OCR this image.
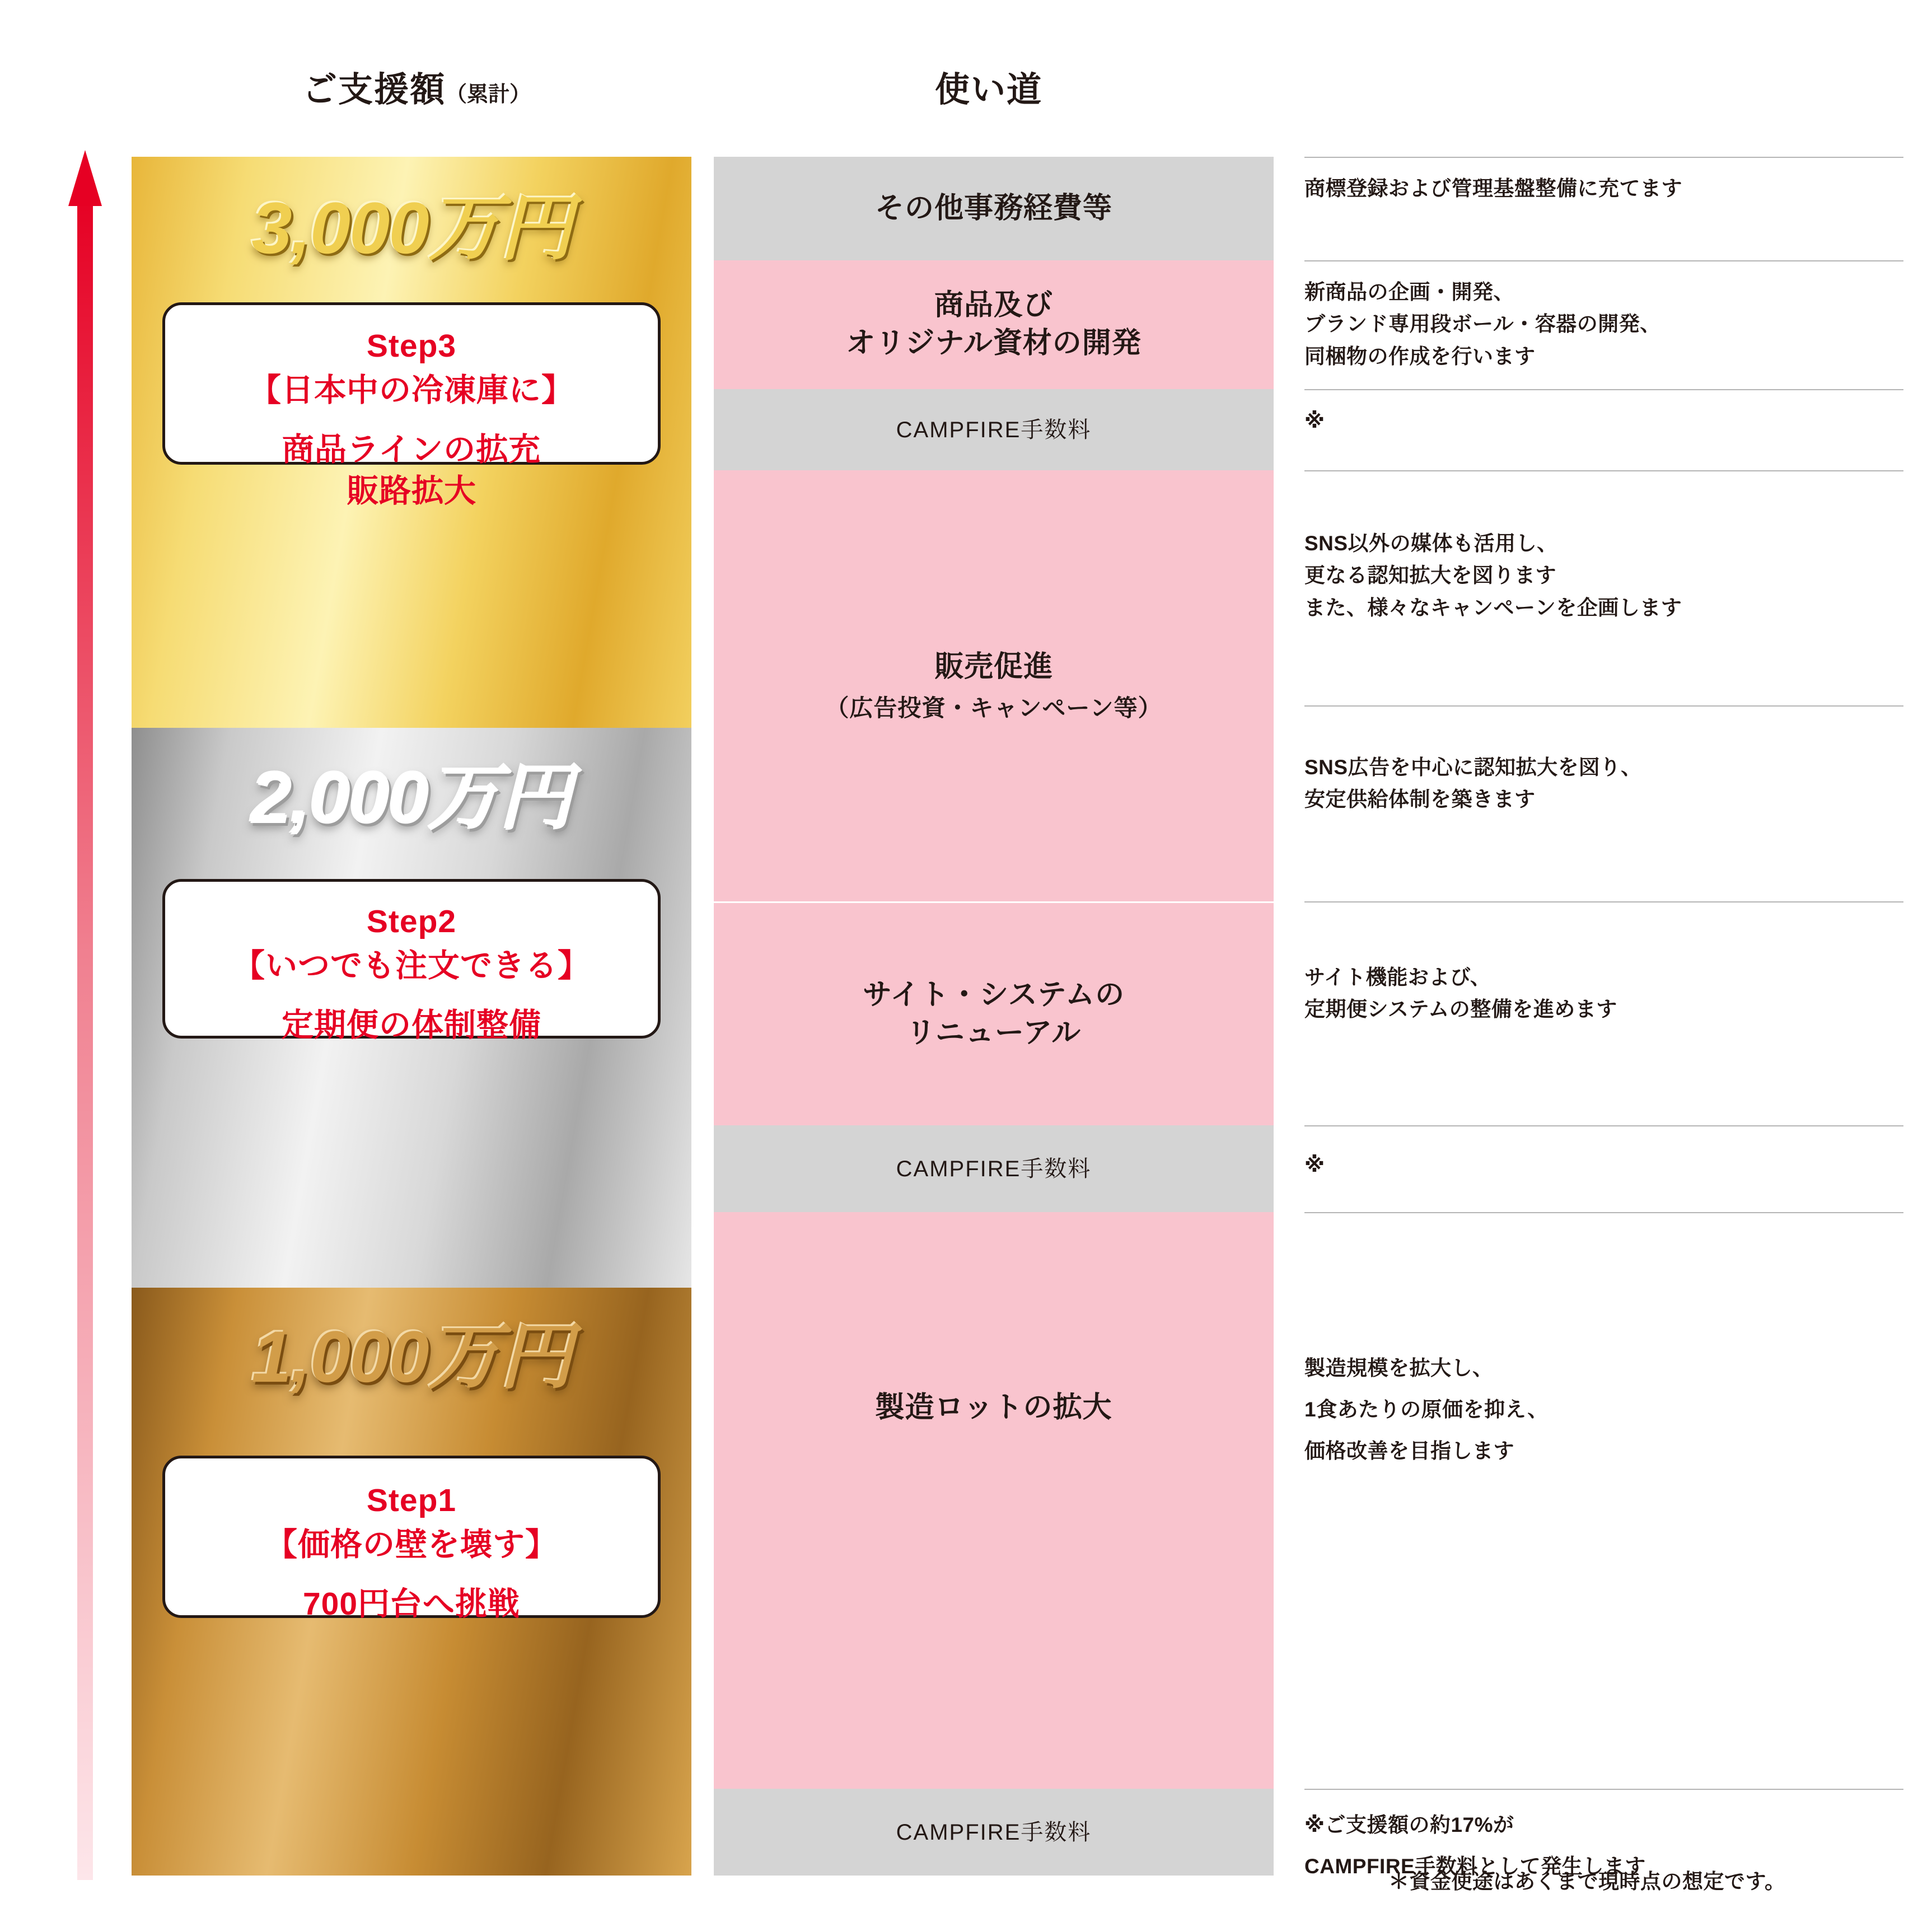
ご支援額（累計）	使い道
3,000万円
Step3
【日本中の冷凍庫に】
商品ラインの拡充
販路拡大
2,000万円
Step2
【いつでも注文できる】
定期便の体制整備
1,000万円
Step1
【価格の壁を壊す】
700円台へ挑戦
その他事務経費等
商品及び
オリジナル資材の開発
CAMPFIRE手数料
販売促進
（広告投資・キャンペーン等）
サイト・システムの
リニューアル
CAMPFIRE手数料
製造ロットの拡大
CAMPFIRE手数料
商標登録および管理基盤整備に充てます
新商品の企画・開発、
ブランド専用段ボール・容器の開発、
同梱物の作成を行います
※
SNS以外の媒体も活用し、
更なる認知拡大を図ります
また、様々なキャンペーンを企画します
SNS広告を中心に認知拡大を図り、
安定供給体制を築きます
サイト機能および、
定期便システムの整備を進めます
※
製造規模を拡大し、
1食あたりの原価を抑え、
価格改善を目指します
※ご支援額の約17%が
CAMPFIRE手数料として発生します
＊資金使途はあくまで現時点の想定です。
